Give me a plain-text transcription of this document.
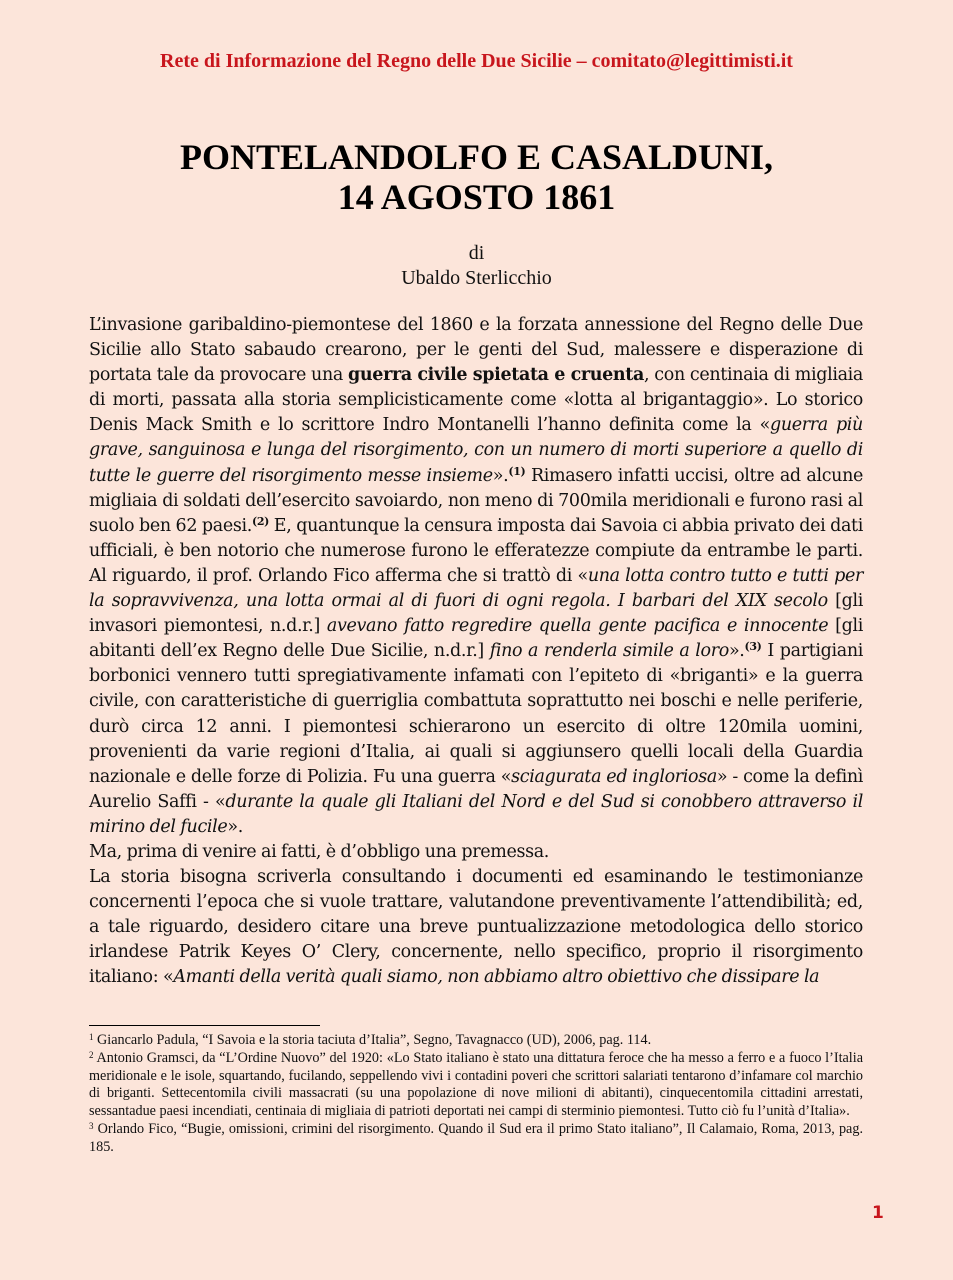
Rete di Informazione del Regno delle Due Sicilie – comitato@legittimisti.it
PONTELANDOLFO E CASALDUNI,
14 AGOSTO 1861
di
Ubaldo Sterlicchio

L’invasione garibaldino-piemontese del 1860 e la forzata annessione del Regno delle Due Sicilie allo Stato sabaudo crearono, per le genti del Sud, malessere e disperazione di portata tale da provocare una guerra civile spietata e cruenta, con centinaia di migliaia di morti, passata alla storia semplicisticamente come «lotta al brigantaggio». Lo storico Denis Mack Smith e lo scrittore Indro Montanelli l’hanno definita come la «guerra più grave, sanguinosa e lunga del risorgimento, con un numero di morti superiore a quello di tutte le guerre del risorgimento messe insieme».$^{(1)}$ Rimasero infatti uccisi, oltre ad alcune migliaia di soldati dell’esercito savoiardo, non meno di 700mila meridionali e furono rasi al suolo ben 62 paesi.$^{(2)}$ E, quantunque la censura imposta dai Savoia ci abbia privato dei dati ufficiali, è ben notorio che numerose furono le efferatezze compiute da entrambe le parti. Al riguardo, il prof. Orlando Fico afferma che si trattò di «una lotta contro tutto e tutti per la sopravvivenza, una lotta ormai al di fuori di ogni regola. I barbari del XIX secolo [gli invasori piemontesi, n.d.r.] avevano fatto regredire quella gente pacifica e innocente [gli abitanti dell’ex Regno delle Due Sicilie, n.d.r.] fino a renderla simile a loro».$^{(3)}$ I partigiani borbonici vennero tutti spregiativamente infamati con l’epiteto di «briganti» e la guerra civile, con caratteristiche di guerriglia combattuta soprattutto nei boschi e nelle periferie, durò circa 12 anni. I piemontesi schierarono un esercito di oltre 120mila uomini, provenienti da varie regioni d’Italia, ai quali si aggiunsero quelli locali della Guardia nazionale e delle forze di Polizia. Fu una guerra «sciagurata ed ingloriosa» - come la definì Aurelio Saffi - «durante la quale gli Italiani del Nord e del Sud si conobbero attraverso il mirino del fucile».

Ma, prima di venire ai fatti, è d’obbligo una premessa.

La storia bisogna scriverla consultando i documenti ed esaminando le testimonianze concernenti l’epoca che si vuole trattare, valutandone preventivamente l’attendibilità; ed, a tale riguardo, desidero citare una breve puntualizzazione metodologica dello storico irlandese Patrik Keyes O’ Clery, concernente, nello specifico, proprio il risorgimento italiano: «Amanti della verità quali siamo, non abbiamo altro obiettivo che dissipare la

$^1$ Giancarlo Padula, “I Savoia e la storia taciuta d’Italia”, Segno, Tavagnacco (UD), 2006, pag. 114.

$^2$ Antonio Gramsci, da “L’Ordine Nuovo” del 1920: «Lo Stato italiano è stato una dittatura feroce che ha messo a ferro e a fuoco l’Italia meridionale e le isole, squartando, fucilando, seppellendo vivi i contadini poveri che scrittori salariati tentarono d’infamare col marchio di briganti. Settecentomila civili massacrati (su una popolazione di nove milioni di abitanti), cinquecentomila cittadini arrestati, sessantadue paesi incendiati, centinaia di migliaia di patrioti deportati nei campi di sterminio piemontesi. Tutto ciò fu l’unità d’Italia».

$^3$ Orlando Fico, “Bugie, omissioni, crimini del risorgimento. Quando il Sud era il primo Stato italiano”, Il Calamaio, Roma, 2013, pag. 185.

1
